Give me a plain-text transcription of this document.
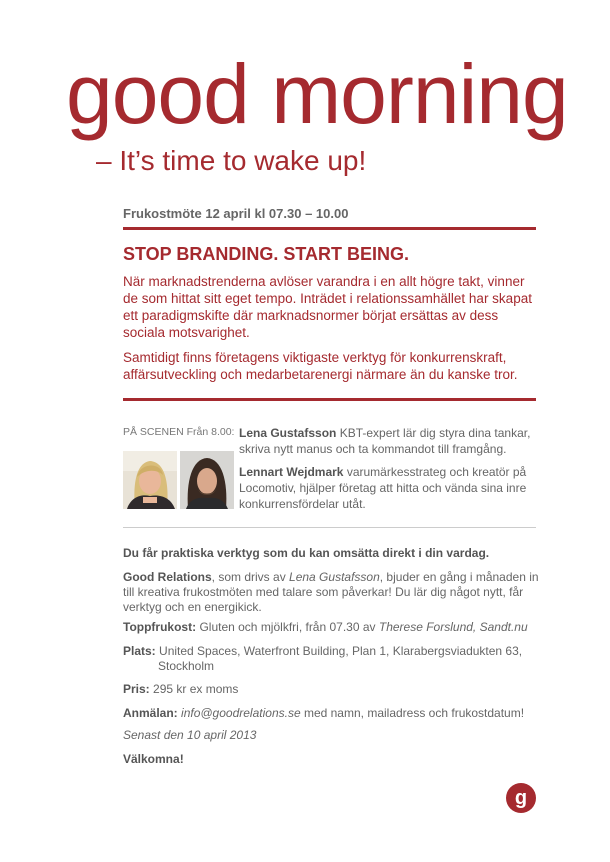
good morning
– It’s time to wake up!
Frukostmöte 12 april kl 07.30 – 10.00
STOP BRANDING. START BEING.
När marknadstrenderna avlöser varandra i en allt högre takt, vinner de som hittat sitt eget tempo. Inträdet i relationssamhället har skapat ett paradigmskifte där marknadsnormer börjat ersättas av dess sociala motsvarighet.
Samtidigt finns företagens viktigaste verktyg för konkurrenskraft, affärsutveckling och medarbetarenergi närmare än du kanske tror.
PÅ SCENEN Från 8.00: Lena Gustafsson KBT-expert lär dig styra dina tankar, skriva nytt manus och ta kommandot till framgång.
Lennart Wejdmark varumärkesstrateg och kreatör på Locomotiv, hjälper företag att hitta och vända sina inre konkurrensfördelar utåt.
Du får praktiska verktyg som du kan omsätta direkt i din vardag.
Good Relations, som drivs av Lena Gustafsson, bjuder en gång i månaden in till kreativa frukostmöten med talare som påverkar! Du lär dig något nytt, får verktyg och en energikick.
Toppfrukost: Gluten och mjölkfri, från 07.30 av Therese Forslund, Sandt.nu
Plats: United Spaces, Waterfront Building, Plan 1, Klarabergsviadukten 63,
Stockholm
Pris: 295 kr ex moms
Anmälan: info@goodrelations.se med namn, mailadress och frukostdatum!
Senast den 10 april 2013
Välkomna!
g
